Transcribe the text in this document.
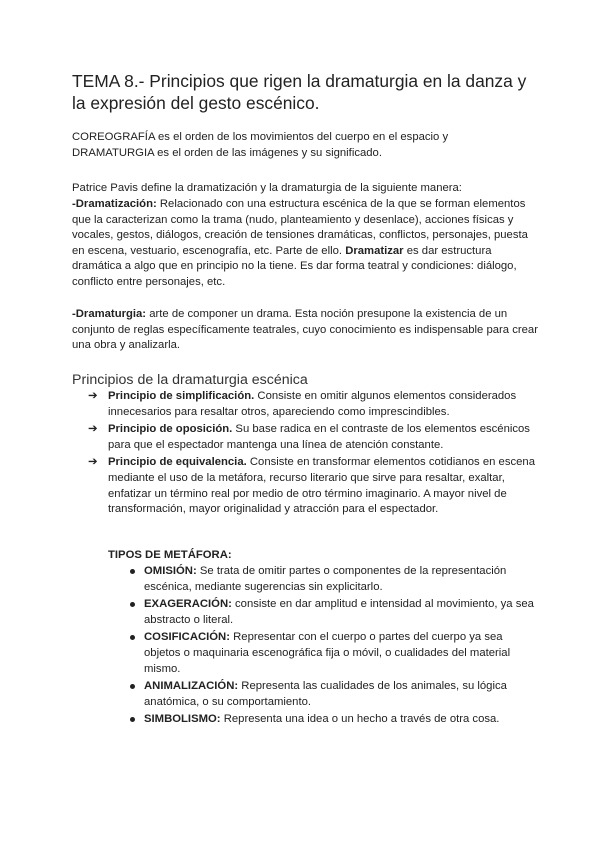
TEMA 8.- Principios que rigen la dramaturgia en la danza y la expresión del gesto escénico.

COREOGRAFÍA es el orden de los movimientos del cuerpo en el espacio y
DRAMATURGIA es el orden de las imágenes y su significado.

Patrice Pavis define la dramatización y la dramaturgia de la siguiente manera:

-Dramatización: Relacionado con una estructura escénica de la que se forman elementos que la caracterizan como la trama (nudo, planteamiento y desenlace), acciones físicas y vocales, gestos, diálogos, creación de tensiones dramáticas, conflictos, personajes, puesta en escena, vestuario, escenografía, etc. Parte de ello. Dramatizar es dar estructura dramática a algo que en principio no la tiene. Es dar forma teatral y condiciones: diálogo, conflicto entre personajes, etc.

-Dramaturgia: arte de componer un drama. Esta noción presupone la existencia de un conjunto de reglas específicamente teatrales, cuyo conocimiento es indispensable para crear una obra y analizarla.

Principios de la dramaturgia escénica
➔ Principio de simplificación. Consiste en omitir algunos elementos considerados innecesarios para resaltar otros, apareciendo como imprescindibles.
➔ Principio de oposición. Su base radica en el contraste de los elementos escénicos para que el espectador mantenga una línea de atención constante.
➔ Principio de equivalencia. Consiste en transformar elementos cotidianos en escena mediante el uso de la metáfora, recurso literario que sirve para resaltar, exaltar, enfatizar un término real por medio de otro término imaginario. A mayor nivel de transformación, mayor originalidad y atracción para el espectador.

TIPOS DE METÁFORA:

OMISIÓN: Se trata de omitir partes o componentes de la representación escénica, mediante sugerencias sin explicitarlo.
EXAGERACIÓN: consiste en dar amplitud e intensidad al movimiento, ya sea abstracto o literal.
COSIFICACIÓN: Representar con el cuerpo o partes del cuerpo ya sea objetos o maquinaria escenográfica fija o móvil, o cualidades del material mismo.
ANIMALIZACIÓN: Representa las cualidades de los animales, su lógica anatómica, o su comportamiento.
SIMBOLISMO: Representa una idea o un hecho a través de otra cosa.
